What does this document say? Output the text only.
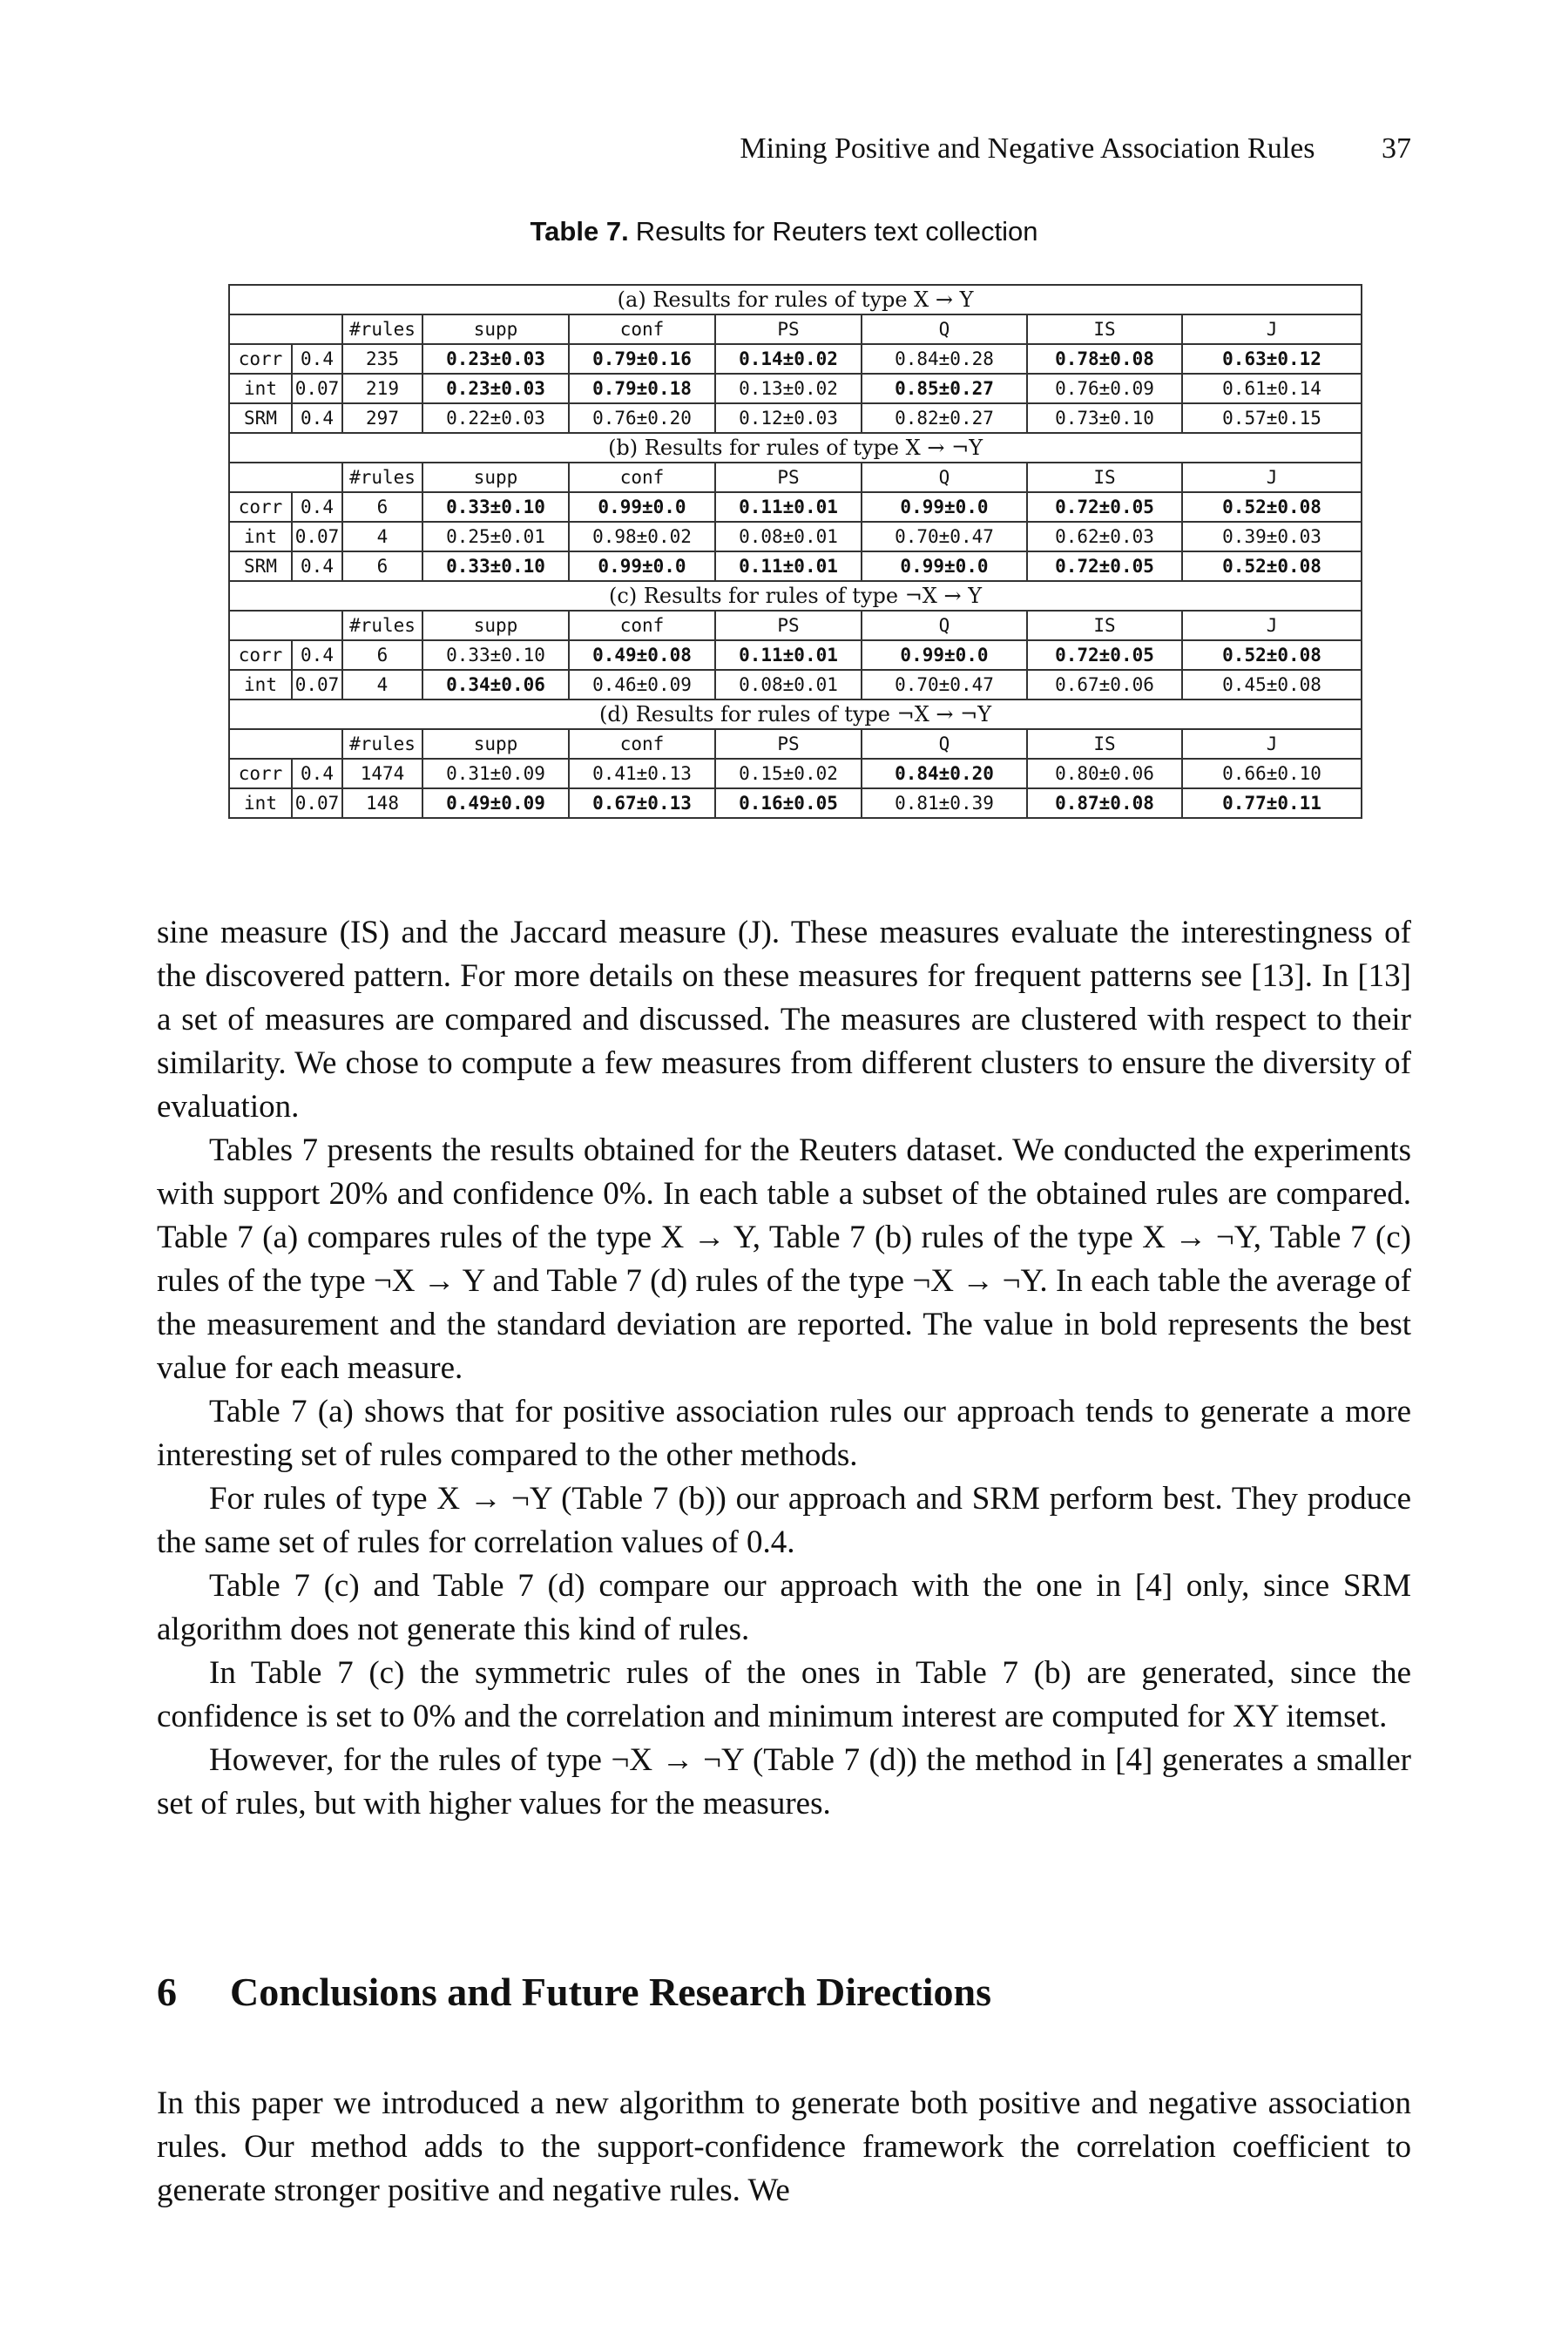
Mining Positive and Negative Association Rules 37
Table 7. Results for Reuters text collection
(a) Results for rules of type X → Y								
		#rules	supp	conf	PS	Q	IS	J
corr	0.4	235	0.23±0.03	0.79±0.16	0.14±0.02	0.84±0.28	0.78±0.08	0.63±0.12
int	0.07	219	0.23±0.03	0.79±0.18	0.13±0.02	0.85±0.27	0.76±0.09	0.61±0.14
SRM	0.4	297	0.22±0.03	0.76±0.20	0.12±0.03	0.82±0.27	0.73±0.10	0.57±0.15
(b) Results for rules of type X → ¬Y								
		#rules	supp	conf	PS	Q	IS	J
corr	0.4	6	0.33±0.10	0.99±0.0	0.11±0.01	0.99±0.0	0.72±0.05	0.52±0.08
int	0.07	4	0.25±0.01	0.98±0.02	0.08±0.01	0.70±0.47	0.62±0.03	0.39±0.03
SRM	0.4	6	0.33±0.10	0.99±0.0	0.11±0.01	0.99±0.0	0.72±0.05	0.52±0.08
(c) Results for rules of type ¬X → Y								
		#rules	supp	conf	PS	Q	IS	J
corr	0.4	6	0.33±0.10	0.49±0.08	0.11±0.01	0.99±0.0	0.72±0.05	0.52±0.08
int	0.07	4	0.34±0.06	0.46±0.09	0.08±0.01	0.70±0.47	0.67±0.06	0.45±0.08
(d) Results for rules of type ¬X → ¬Y								
		#rules	supp	conf	PS	Q	IS	J
corr	0.4	1474	0.31±0.09	0.41±0.13	0.15±0.02	0.84±0.20	0.80±0.06	0.66±0.10
int	0.07	148	0.49±0.09	0.67±0.13	0.16±0.05	0.81±0.39	0.87±0.08	0.77±0.11

sine measure (IS) and the Jaccard measure (J). These measures evaluate the interestingness of the discovered pattern. For more details on these measures for frequent patterns see [13]. In [13] a set of measures are compared and discussed. The measures are clustered with respect to their similarity. We chose to compute a few measures from different clusters to ensure the diversity of evaluation.

Tables 7 presents the results obtained for the Reuters dataset. We conducted the experiments with support 20% and confidence 0%. In each table a subset of the obtained rules are compared. Table 7 (a) compares rules of the type X → Y, Table 7 (b) rules of the type X → ¬Y, Table 7 (c) rules of the type ¬X → Y and Table 7 (d) rules of the type ¬X → ¬Y. In each table the average of the measurement and the standard deviation are reported. The value in bold represents the best value for each measure.

Table 7 (a) shows that for positive association rules our approach tends to generate a more interesting set of rules compared to the other methods.

For rules of type X → ¬Y (Table 7 (b)) our approach and SRM perform best. They produce the same set of rules for correlation values of 0.4.

Table 7 (c) and Table 7 (d) compare our approach with the one in [4] only, since SRM algorithm does not generate this kind of rules.

In Table 7 (c) the symmetric rules of the ones in Table 7 (b) are generated, since the confidence is set to 0% and the correlation and minimum interest are computed for XY itemset.

However, for the rules of type ¬X → ¬Y (Table 7 (d)) the method in [4] generates a smaller set of rules, but with higher values for the measures.

6 Conclusions and Future Research Directions

In this paper we introduced a new algorithm to generate both positive and negative association rules. Our method adds to the support-confidence framework the correlation coefficient to generate stronger positive and negative rules. We
